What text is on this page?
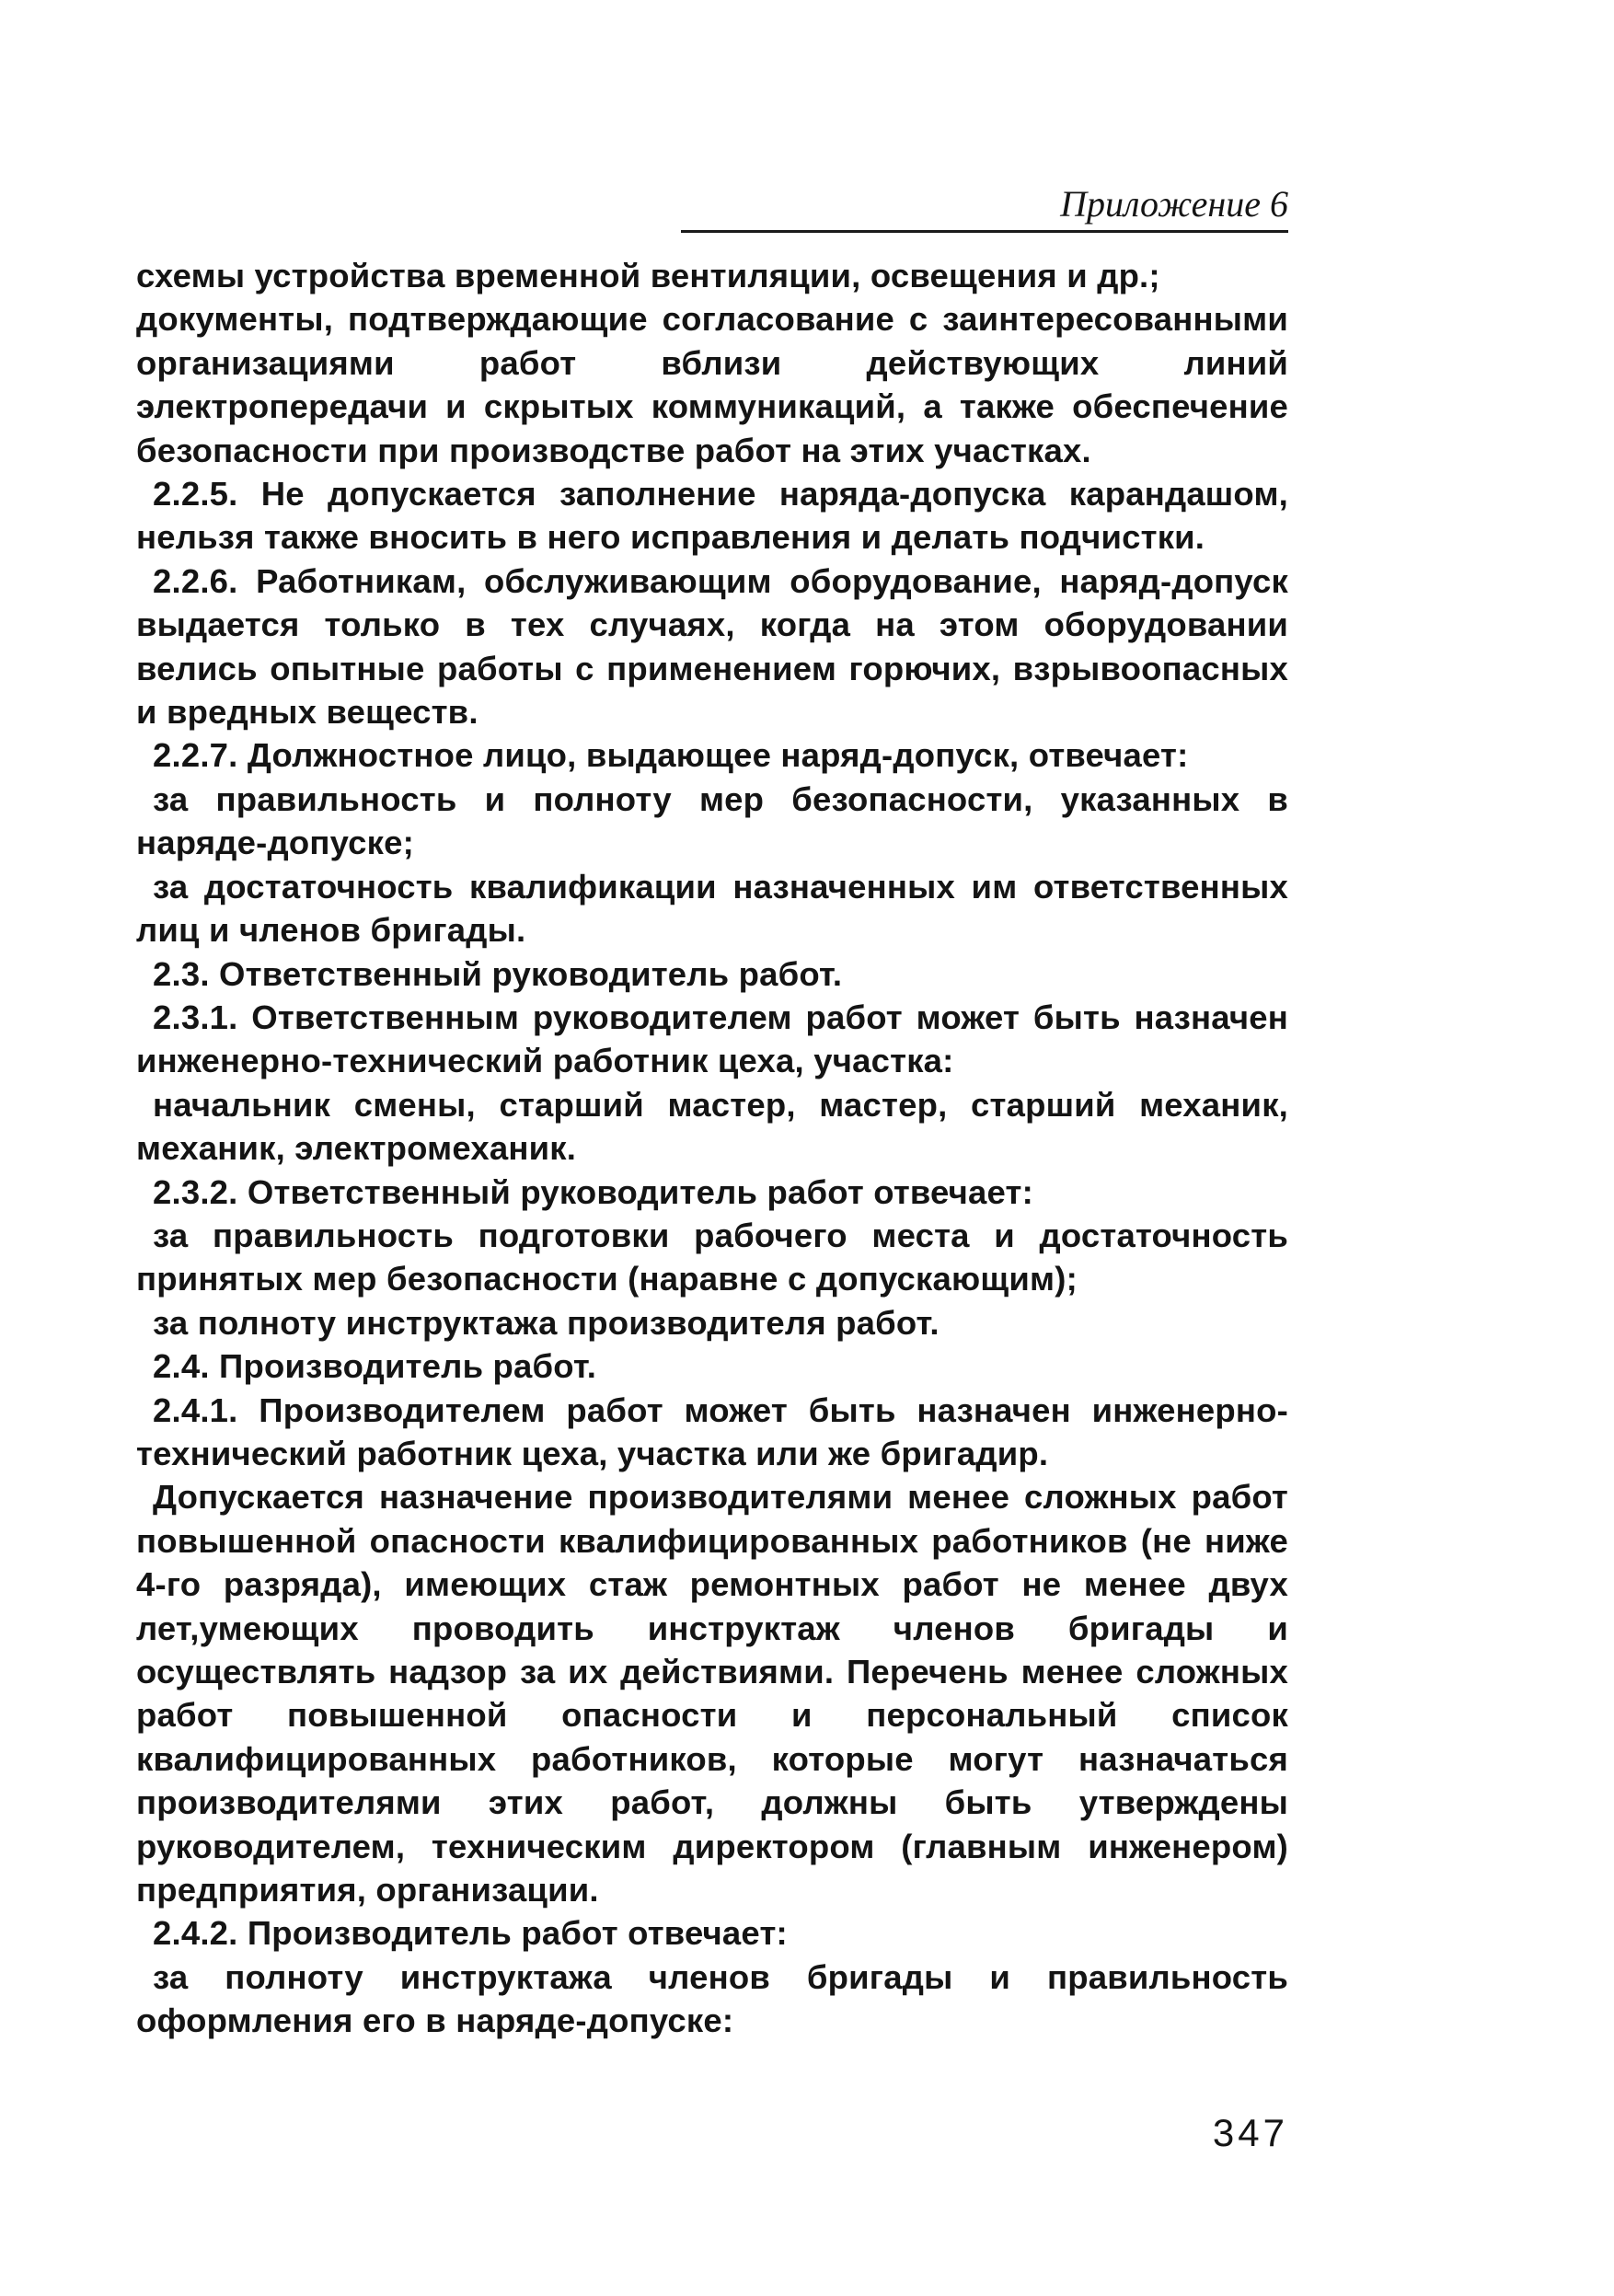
Приложение 6

схемы устройства временной вентиляции, освещения и др.;

документы, подтверждающие согласование с заинтересованными организациями работ вблизи действующих линий электропередачи и скрытых коммуникаций, а также обеспечение безопасности при производстве работ на этих участках.

2.2.5. Не допускается заполнение наряда-допуска карандашом, нельзя также вносить в него исправления и делать подчистки.

2.2.6. Работникам, обслуживающим оборудование, наряд-допуск выдается только в тех случаях, когда на этом оборудовании велись опытные работы с применением горючих, взрывоопасных и вредных веществ.

2.2.7. Должностное лицо, выдающее наряд-допуск, отвечает:

за правильность и полноту мер безопасности, указанных в наряде-допуске;

за достаточность квалификации назначенных им ответственных лиц и членов бригады.

2.3. Ответственный руководитель работ.

2.3.1. Ответственным руководителем работ может быть назначен инженерно-технический работник цеха, участка:

начальник смены, старший мастер, мастер, старший механик, механик, электромеханик.

2.3.2. Ответственный руководитель работ отвечает:

за правильность подготовки рабочего места и достаточность принятых мер безопасности (наравне с допускающим);

за полноту инструктажа производителя работ.

2.4. Производитель работ.

2.4.1. Производителем работ может быть назначен инженерно-технический работник цеха, участка или же бригадир.

Допускается назначение производителями менее сложных работ повышенной опасности квалифицированных работников (не ниже 4-го разряда), имеющих стаж ремонтных работ не менее двух лет,умеющих проводить инструктаж членов бригады и осуществлять надзор за их действиями. Перечень менее сложных работ повышенной опасности и персональный список квалифицированных работников, которые могут назначаться производителями этих работ, должны быть утверждены руководителем, техническим директором (главным инженером) предприятия, организации.

2.4.2. Производитель работ отвечает:

за полноту инструктажа членов бригады и правильность оформления его в наряде-допуске:

347
